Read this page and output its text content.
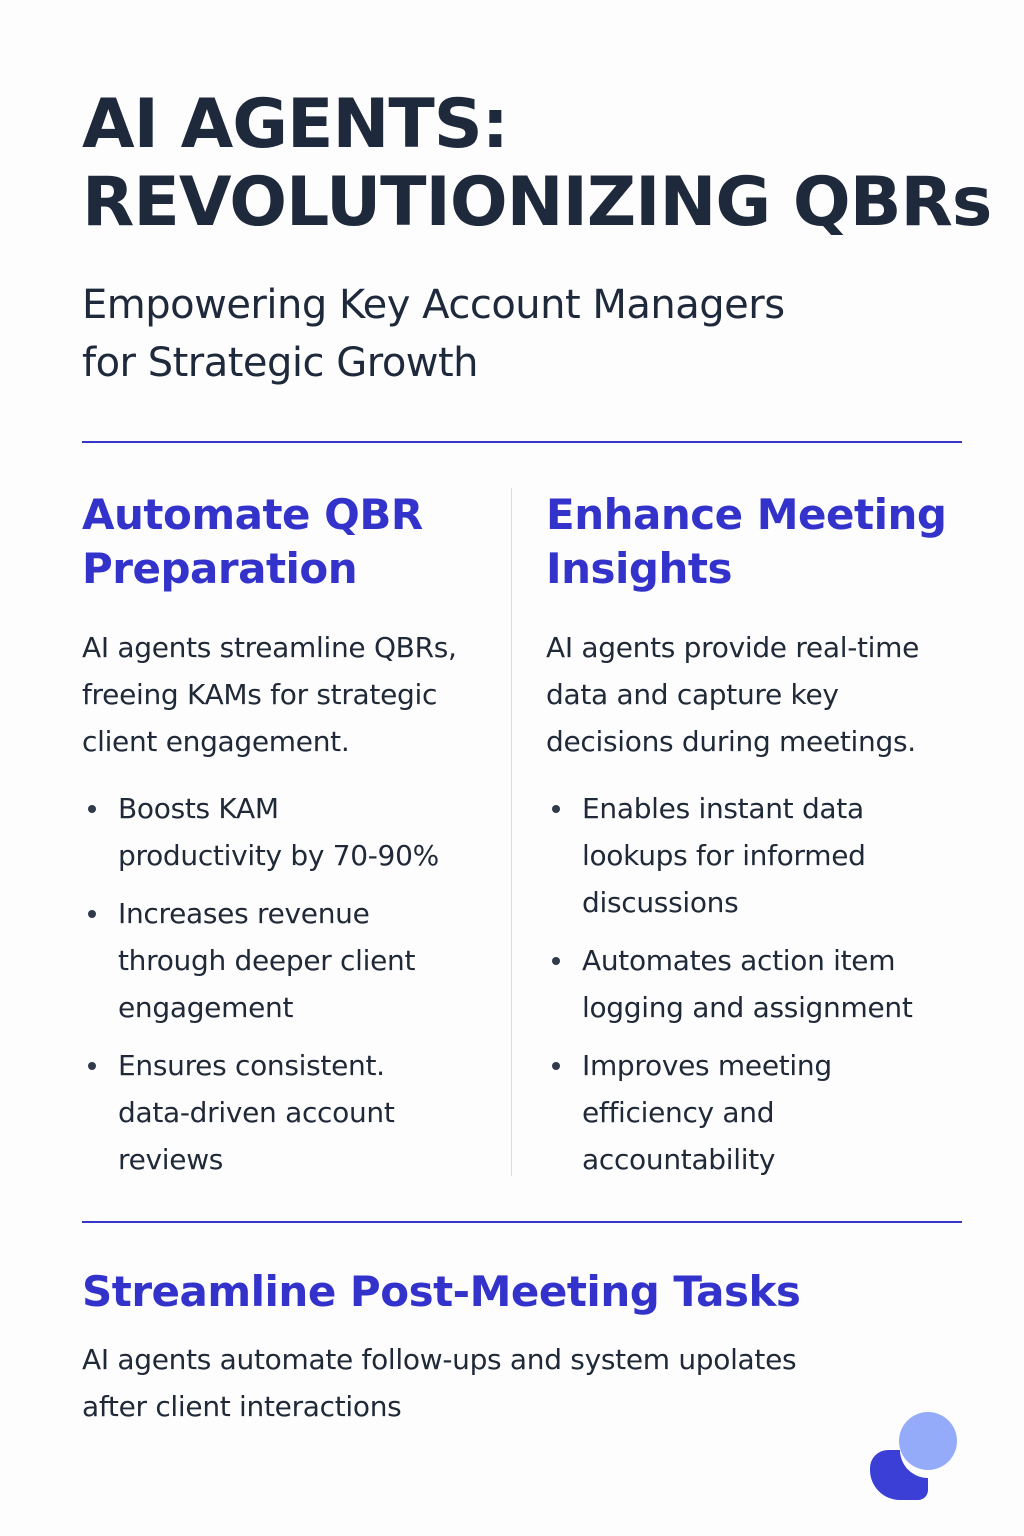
AI AGENTS:
REVOLUTIONIZING QBRs

Empowering Key Account Managers
for Strategic Growth

Automate QBR
Preparation

AI agents streamline QBRs,
freeing KAMs for strategic
client engagement.

Boosts KAM
productivity by 70-90%
Increases revenue
through deeper client
engagement
Ensures consistent.
data-driven account
reviews
Enhance Meeting
Insights

AI agents provide real-time
data and capture key
decisions during meetings.

Enables instant data
lookups for informed
discussions
Automates action item
logging and assignment
Improves meeting
efficiency and
accountability
Streamline Post-Meeting Tasks

AI agents automate follow-ups and system upolates
after client interactions
